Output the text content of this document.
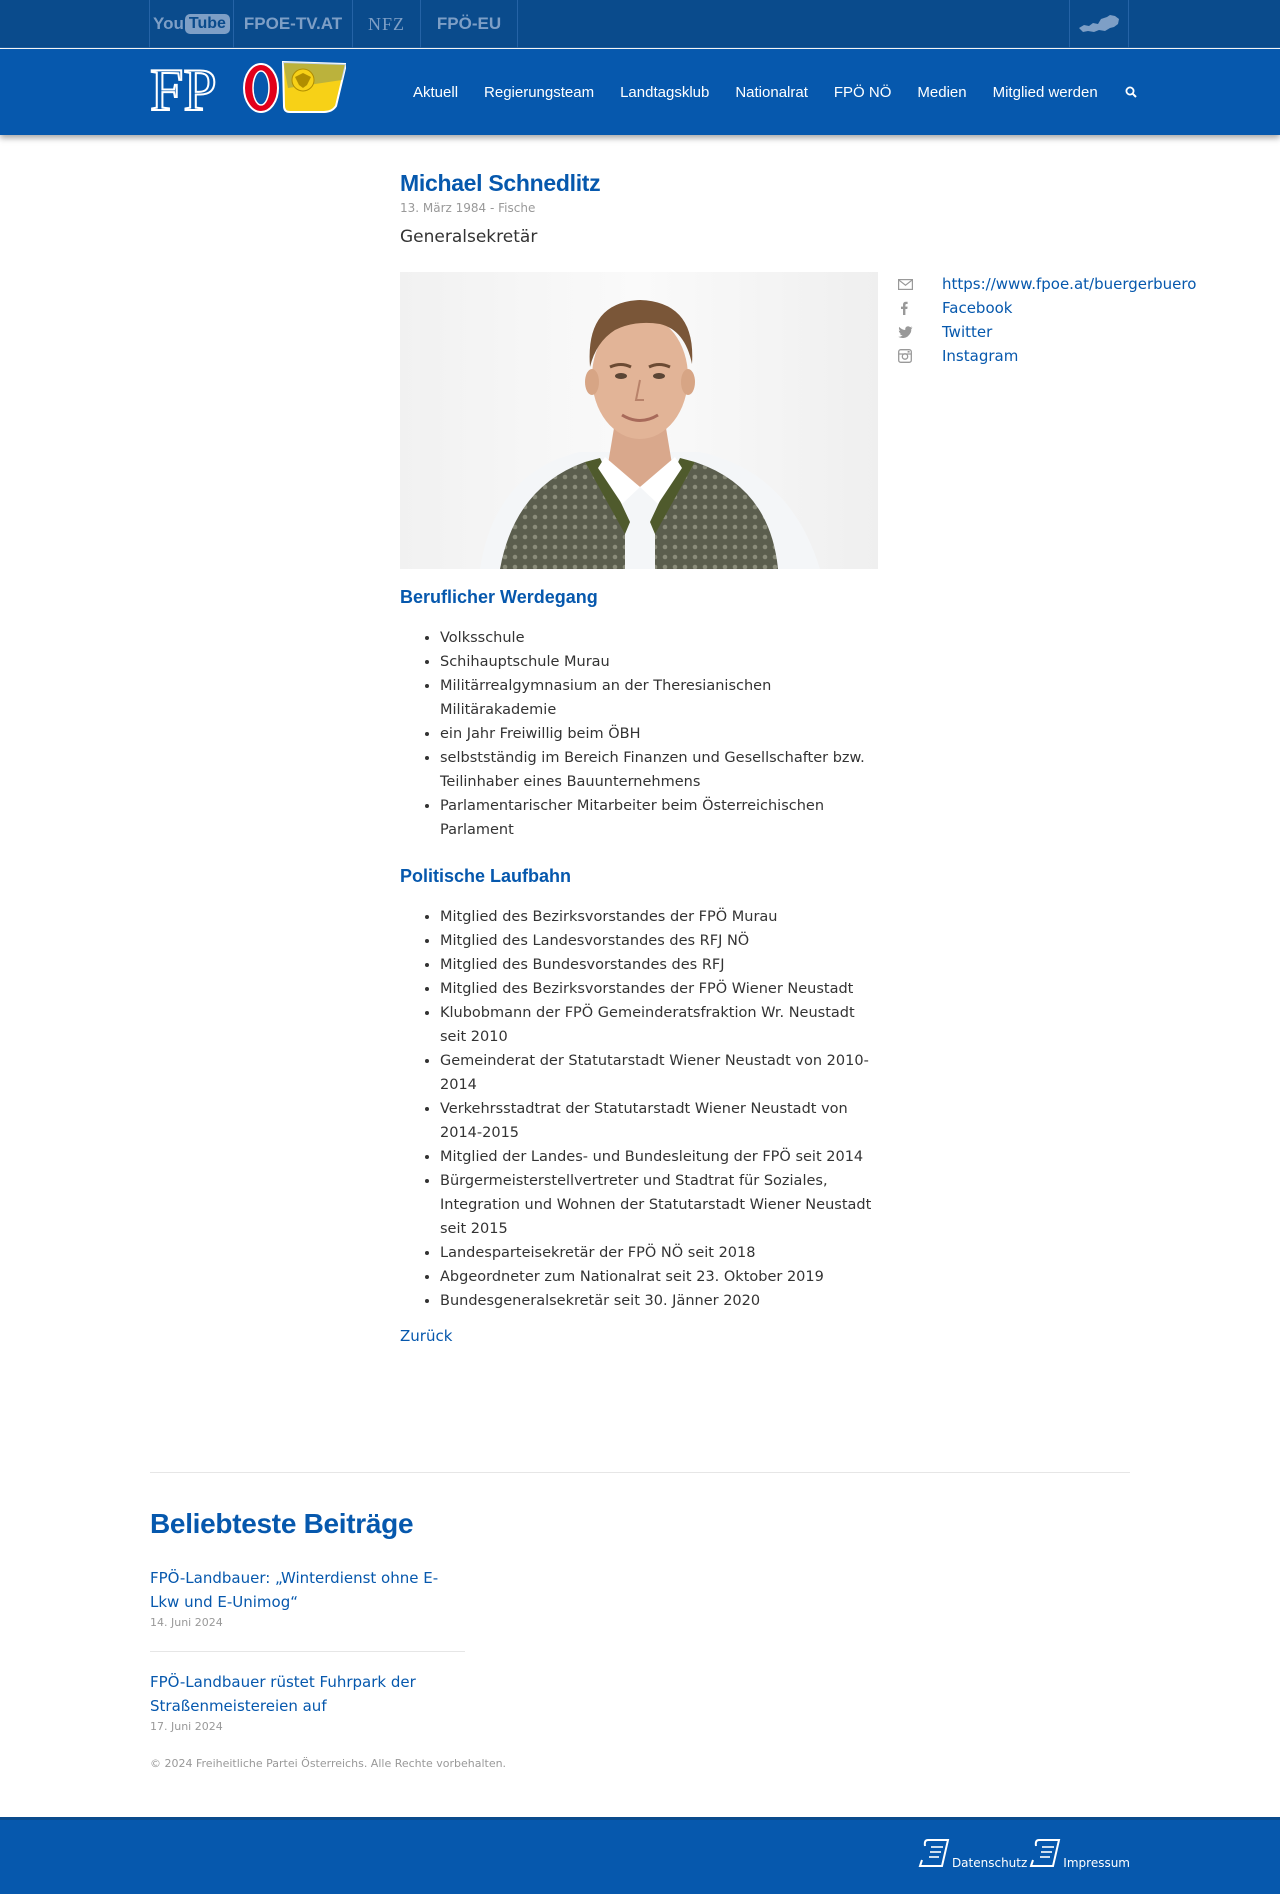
You Tube FPOE-TV.AT NFZ FPÖ-EU
FP	Aktuell Regierungsteam Landtagsklub Nationalrat FPÖ NÖ Medien Mitglied werden
Michael Schnedlitz
13. März 1984 - Fische
Generalsekretär
Beruflicher Werdegang
• Volksschule
• Schihauptschule Murau
• Militärrealgymnasium an der Theresianischen Militärakademie
• ein Jahr Freiwillig beim ÖBH
• selbstständig im Bereich Finanzen und Gesellschafter bzw. Teilinhaber eines Bauunternehmens
• Parlamentarischer Mitarbeiter beim Österreichischen Parlament
Politische Laufbahn
• Mitglied des Bezirksvorstandes der FPÖ Murau
• Mitglied des Landesvorstandes des RFJ NÖ
• Mitglied des Bundesvorstandes des RFJ
• Mitglied des Bezirksvorstandes der FPÖ Wiener Neustadt
• Klubobmann der FPÖ Gemeinderatsfraktion Wr. Neustadt seit 2010
• Gemeinderat der Statutarstadt Wiener Neustadt von 2010-2014
• Verkehrsstadtrat der Statutarstadt Wiener Neustadt von 2014-2015
• Mitglied der Landes- und Bundesleitung der FPÖ seit 2014
• Bürgermeisterstellvertreter und Stadtrat für Soziales, Integration und Wohnen der Statutarstadt Wiener Neustadt seit 2015
• Landesparteisekretär der FPÖ NÖ seit 2018
• Abgeordneter zum Nationalrat seit 23. Oktober 2019
• Bundesgeneralsekretär seit 30. Jänner 2020
Zurück
https://www.fpoe.at/buergerbuero
Facebook
Twitter
Instagram
Beliebteste Beiträge
FPÖ-Landbauer: „Winterdienst ohne E-Lkw und E-Unimog“
14. Juni 2024
FPÖ-Landbauer rüstet Fuhrpark der Straßenmeistereien auf
17. Juni 2024
© 2024 Freiheitliche Partei Österreichs. Alle Rechte vorbehalten.
Datenschutz	Impressum
